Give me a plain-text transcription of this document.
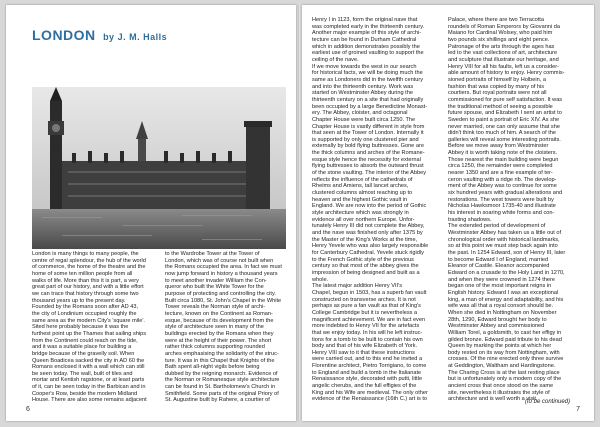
LONDON by J. M. Halls

London is many things to many people, the
centre of regal splendour, the hub of the world
of commerce, the home of the theatre and the
home of some ten million people from all
walks of life. More than this it is part, a very
great part of our history, and with a little effort
we can trace that history through some two
thousand years up to the present day.
Founded by the Romans soon after AD 43,
the city of Londinium occupied roughly the
same area as the modern City's 'square mile'.
Sited here probably because it was the
furthest point up the Thames that sailing ships
from the Continent could reach on the tide,
and it was a suitable place for building a
bridge because of the gravelly soil. When
Queen Boadicea sacked the city in AD 60 the
Romans enclosed it with a wall which can still
be seen today. The wall, built of tiles and
mortar and Kentish ragstone, or at least parts
of it, can be seen today in the Barbican and in
Cooper's Row, beside the modern Midland
House. There are also some remains adjacent

to the Wardrobe Tower at the Tower of
London, which was of course not built when
the Romans occupied the area. In fact we must
now jump forward in history a thousand years
to meet another invader William the Con-
queror who built the White Tower for the
purpose of protecting and controlling the city.
Built circa 1080, St. John's Chapel in the White
Tower reveals the Norman style of archi-
tecture, known on the Continent as Roman-
esque, because of its development from the
style of architecture seen in many of the
buildings erected by the Romans when they
were at the height of their power. The short
rather thick columns supporting rounded
arches emphasising the solidarity of the struc-
ture. It was in this Chapel that Knights of the
Bath spent all-night vigils before being
dubbed by the reigning monarch. Evidence of
the Norman or Romanesque style architecture
can be found in St. Bartholomew's Church in
Smithfield. Some parts of the original Priory of
St. Augustine built by Rahere, a courtier of

6

Henry I in 1123, form the original nave that
was completed early in the thirteenth century.
Another major example of this style of archi-
tecture can be found in Durham Cathedral
which in addition demonstrates possibly the
earliest use of groined vaulting to support the
ceiling of the nave.
If we move towards the west in our search
for historical facts, we will be doing much the
same as Londoners did in the twelfth century
and into the thirteenth century. Work was
started on Westminster Abbey during the
thirteenth century on a site that had originally
been occupied by a large Benedictine Monast-
ery. The Abbey, cloister, and octagonal
Chapter House were built circa 1250. The
Chapter House is vastly different in style from
that seen at the Tower of London. Internally it
is supported by only one clustered pier and
externally by bold flying buttresses. Gone are
the thick columns and arches of the Romane-
esque style hence the necessity for external
flying buttresses to absorb the outward thrust
of the stone vaulting. The interior of the Abbey
reflects the influence of the cathedrals of
Rheims and Amiens, tall lancet arches,
clustered columns almost reaching up to
heaven and the highest Gothic vault in
England. We are now into the period of Gothic
style architecture which was strongly in
evidence all over northern Europe. Unfor-
tunately Henry III did not complete the Abbey,
and the nave was finished only after 1375 by
the Master of the King's Works at the time,
Henry Yevele who was also largely responsible
for Canterbury Cathedral. Yevele stuck rigidly
to the French Gothic style of the previous
century so that most of the abbey gives the
impression of being designed and built as a
whole.
The latest major addition Henry VII's
Chapel, begun in 1503, has a superb fan vault
constructed on transverse arches. It is not
perhaps as pure a fan vault as that of King's
College Cambridge but it is nevertheless a
magnificent achievement. We are in fact even
more indebted to Henry VII for the artefacts
that we enjoy today. In his will he left instruc-
tions for a tomb to be built to contain his own
body and that of his wife Elizabeth of York.
Henry VIII saw to it that these instructions
were carried out, and to this end he invited a
Florentine architect, Pietro Torrigiano, to come
to England and build a tomb in the Italianate
Renaissance style, decorated with putti, little
angelic cherubs, and the full effigies of the
King and his Wife are medieval. The only other
evidence of the Renaissance (16th C.) art is to

Palace, where there are two Terracotta
roundels of Roman Emperors by Giovanni da
Maiano for Cardinal Wolsey, who paid him
two pounds six shillings and eight pence.
Patronage of the arts through the ages has
led to the vast collections of art, architecture
and sculpture that illustrate our heritage, and
Henry VIII for all his faults, left us a consider-
able amount of history to enjoy. Henry commis-
sioned portraits of himself by Holbein, a
fashion that was copied by many of his
courtiers. But royal portraits were not all
commissioned for pure self satisfaction. It was
the traditional method of seeing a possible
future spouse, and Elizabeth I sent an artist to
Sweden to paint a portrait of Eric XIV. As she
never married, one can only assume that she
didn't think too much of him. A search of the
galleries will reveal some interesting portraits.
Before we move away from Westminster
Abbey it is worth taking note of the cloisters.
Those nearest the main building were begun
circa 1250, the remainder were completed
nearer 1350 and are a fine example of ter-
ceron vaulting with a ridge rib. The develop-
ment of the Abbey was to continue for some
six hundred years with gradual alterations and
restorations. The west towers were built by
Nicholas Hawksmoor 1735-40 and illustrate
his interest in soaring white forms and con-
trasting shadows.
The extended period of development of
Westminster Abbey has taken us a little out of
chronological order with historical landmarks,
so at this point we must step back again into
the past. In 1254 Edward, son of Henry III, later
to become Edward I of England, married
Eleanor of Castile. Eleanor accompanied
Edward on a crusade to the Holy Land in 1270,
and when they were crowned in 1274 there
began one of the most important reigns in
English history. Edward I was an exceptional
king, a man of energy and adaptability, and his
wife was all that a royal consort should be.
When she died in Nottingham on November
28th, 1290, Edward brought her body to
Westminster Abbey and commissioned
William Torel, a goldsmith, to cast her effigy in
gilded bronze. Edward paid tribute to his dead
Queen by marking the points at which her
body rested on its way from Nottingham, with
crosses. Of the nine erected only three survive
at Geddington, Waltham and Hardingstone.
The Charing Cross is at the last resting place
but is unfortunately only a modern copy of the
ancient cross that once stood on the same
site, nevertheless it illustrates the style of
architecture and is well worth a visit.

(to be continued)
7
